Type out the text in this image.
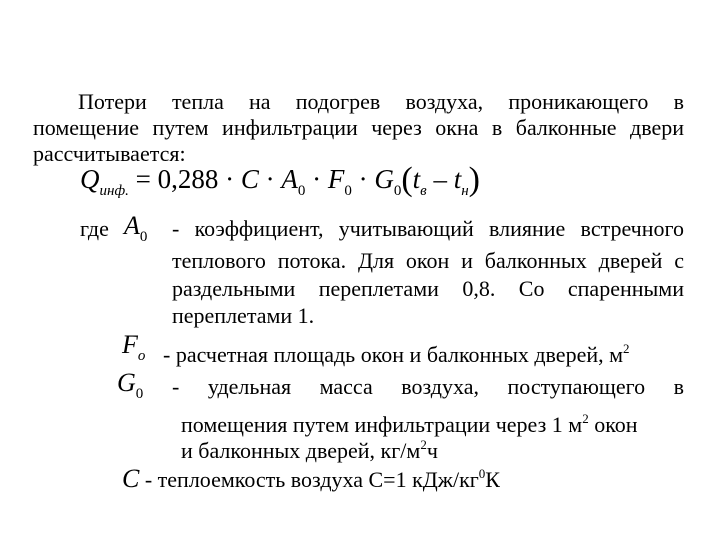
Потери тепла на подогрев воздуха, проникающего в
помещение путем инфильтрации через окна в балконные двери
рассчитывается:
$Q_{инф.} = 0,288 \cdot C \cdot A_0 \cdot F_0 \cdot G_0(t_в - t_н)$
где $A_0$ - коэффициент, учитывающий влияние встречного
теплового потока. Для окон и балконных дверей с
раздельными переплетами 0,8. Со спаренными
переплетами 1.
$F_o$ - расчетная площадь окон и балконных дверей, $м^2$
$G_0$ - удельная масса воздуха, поступающего в
помещения путем инфильтрации через 1 $м^2$ окон
и балконных дверей, $кг/м^2ч$
C - теплоемкость воздуха С=1 кДж/$кг^0К$
